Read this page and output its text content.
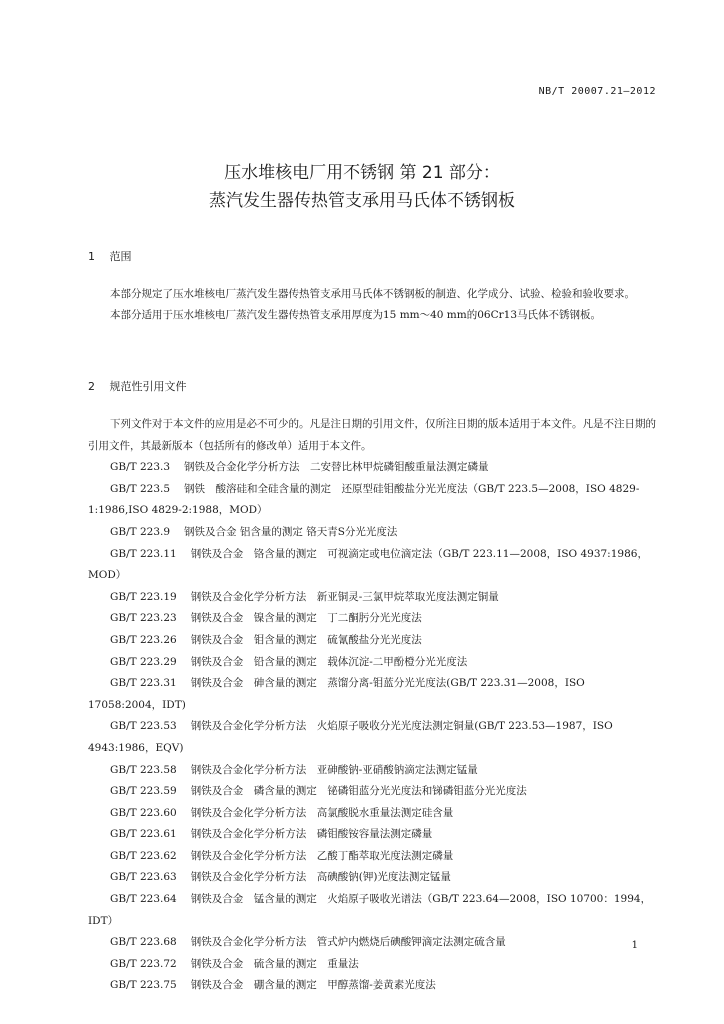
NB/T 20007.21—2012
压水堆核电厂用不锈钢 第 21 部分：
蒸汽发生器传热管支承用马氏体不锈钢板
1 范围

本部分规定了压水堆核电厂蒸汽发生器传热管支承用马氏体不锈钢板的制造、化学成分、试验、检验和验收要求。

本部分适用于压水堆核电厂蒸汽发生器传热管支承用厚度为15 mm～40 mm的06Cr13马氏体不锈钢板。

2 规范性引用文件

下列文件对于本文件的应用是必不可少的。凡是注日期的引用文件，仅所注日期的版本适用于本文件。凡是不注日期的引用文件，其最新版本（包括所有的修改单）适用于本文件。

GB/T 223.3 钢铁及合金化学分析方法　二安替比林甲烷磷钼酸重量法测定磷量

GB/T 223.5 钢铁　酸溶硅和全硅含量的测定　还原型硅钼酸盐分光光度法（GB/T 223.5—2008，ISO 4829-1:1986,ISO 4829-2:1988，MOD）

GB/T 223.9 钢铁及合金 铝含量的测定 铬天青S分光光度法

GB/T 223.11 钢铁及合金　铬含量的测定　可视滴定或电位滴定法（GB/T 223.11—2008，ISO 4937:1986，MOD）

GB/T 223.19 钢铁及合金化学分析方法　新亚铜灵-三氯甲烷萃取光度法测定铜量

GB/T 223.23 钢铁及合金　镍含量的测定　丁二酮肟分光光度法

GB/T 223.26 钢铁及合金　钼含量的测定　硫氰酸盐分光光度法

GB/T 223.29 钢铁及合金　铅含量的测定　载体沉淀-二甲酚橙分光光度法

GB/T 223.31 钢铁及合金　砷含量的测定　蒸馏分离-钼蓝分光光度法(GB/T 223.31—2008，ISO 17058:2004，IDT)

GB/T 223.53 钢铁及合金化学分析方法　火焰原子吸收分光光度法测定铜量(GB/T 223.53—1987，ISO 4943:1986，EQV)

GB/T 223.58 钢铁及合金化学分析方法　亚砷酸钠-亚硝酸钠滴定法测定锰量

GB/T 223.59 钢铁及合金　磷含量的测定　铋磷钼蓝分光光度法和锑磷钼蓝分光光度法

GB/T 223.60 钢铁及合金化学分析方法　高氯酸脱水重量法测定硅含量

GB/T 223.61 钢铁及合金化学分析方法　磷钼酸铵容量法测定磷量

GB/T 223.62 钢铁及合金化学分析方法　乙酸丁酯萃取光度法测定磷量

GB/T 223.63 钢铁及合金化学分析方法　高碘酸钠(钾)光度法测定锰量

GB/T 223.64 钢铁及合金　锰含量的测定　火焰原子吸收光谱法（GB/T 223.64—2008，ISO 10700：1994，IDT）

GB/T 223.68 钢铁及合金化学分析方法　管式炉内燃烧后碘酸钾滴定法测定硫含量

GB/T 223.72 钢铁及合金　硫含量的测定　重量法

GB/T 223.75 钢铁及合金　硼含量的测定　甲醇蒸馏-姜黄素光度法

1
